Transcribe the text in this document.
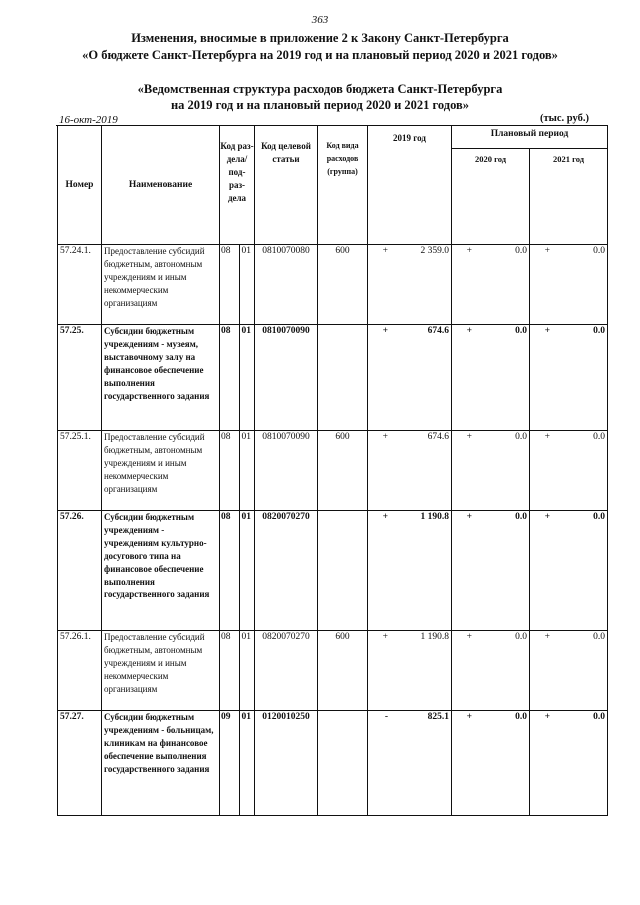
363
Изменения, вносимые в приложение 2 к Закону Санкт-Петербурга
«О бюджете Санкт-Петербурга на 2019 год и на плановый период 2020 и 2021 годов»
«Ведомственная структура расходов бюджета Санкт-Петербурга
на 2019 год и на плановый период 2020 и 2021 годов»
16-окт-2019	(тыс. руб.)
Номер	Наименование	Код раз- дела/ под- раз- дела		Код целевой статьи	Код вида расходов (группа)	2019 год	Плановый период	
							2020 год	2021 год
57.24.1.	Предоставление субсидий бюджетным, автономным учреждениям и иным некоммерческим организациям	08	01	0810070080	600	+ 2 359.0	+ 0.0	+ 0.0

57.25.	Субсидии бюджетным учреждениям - музеям, выставочному залу на финансовое обеспечение выполнения государственного задания	08	01	0810070090		+ 674.6	+ 0.0	+ 0.0

57.25.1.	Предоставление субсидий бюджетным, автономным учреждениям и иным некоммерческим организациям	08	01	0810070090	600	+ 674.6	+ 0.0	+ 0.0

57.26.	Субсидии бюджетным учреждениям - учреждениям культурно-досугового типа на финансовое обеспечение выполнения государственного задания	08	01	0820070270		+ 1 190.8	+ 0.0	+ 0.0

57.26.1.	Предоставление субсидий бюджетным, автономным учреждениям и иным некоммерческим организациям	08	01	0820070270	600	+ 1 190.8	+ 0.0	+ 0.0

57.27.	Субсидии бюджетным учреждениям - больницам, клиникам на финансовое обеспечение выполнения государственного задания	09	01	0120010250		- 825.1	+ 0.0	+ 0.0
